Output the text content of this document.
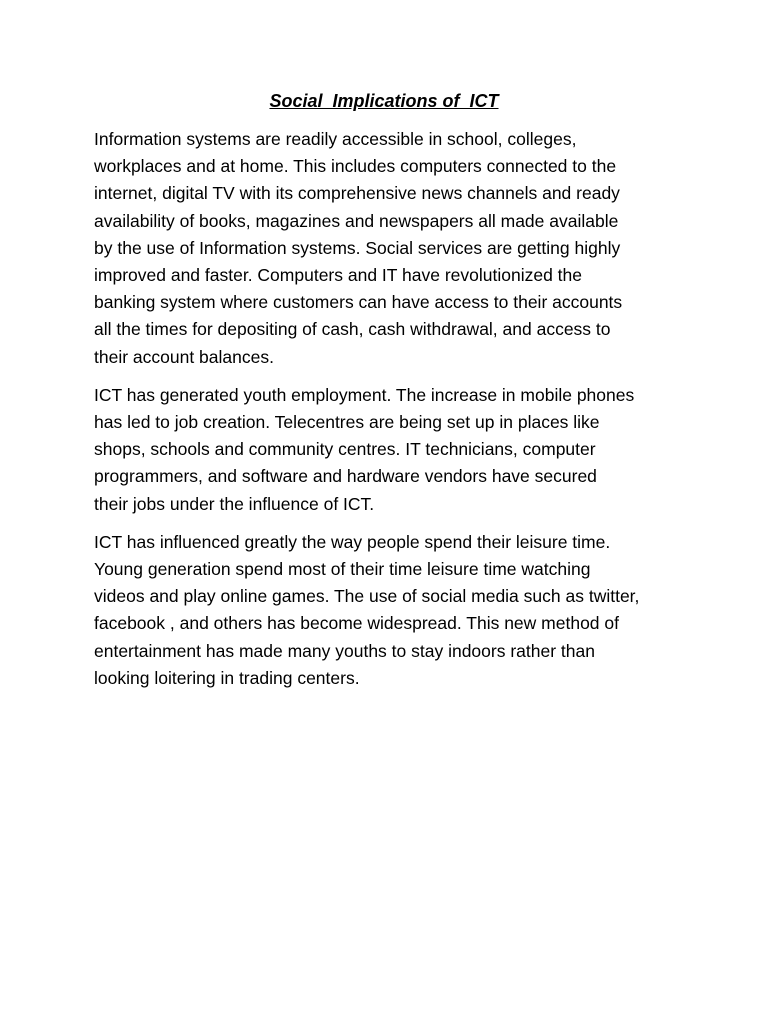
Social  Implications of  ICT

Information systems are readily accessible in school, colleges,
workplaces and at home. This includes computers connected to the
internet, digital TV with its comprehensive news channels and ready
availability of books, magazines and newspapers all made available
by the use of Information systems. Social services are getting highly
improved and faster. Computers and IT have revolutionized the
banking system where customers can have access to their accounts
all the times for depositing of cash, cash withdrawal, and access to
their account balances.

ICT has generated youth employment. The increase in mobile phones
has led to job creation. Telecentres are being set up in places like
shops, schools and community centres. IT technicians, computer
programmers, and software and hardware vendors have secured
their jobs under the influence of ICT.

ICT has influenced greatly the way people spend their leisure time.
Young generation spend most of their time leisure time watching
videos and play online games. The use of social media such as twitter,
facebook , and others has become widespread. This new method of
entertainment has made many youths to stay indoors rather than
looking loitering in trading centers.
